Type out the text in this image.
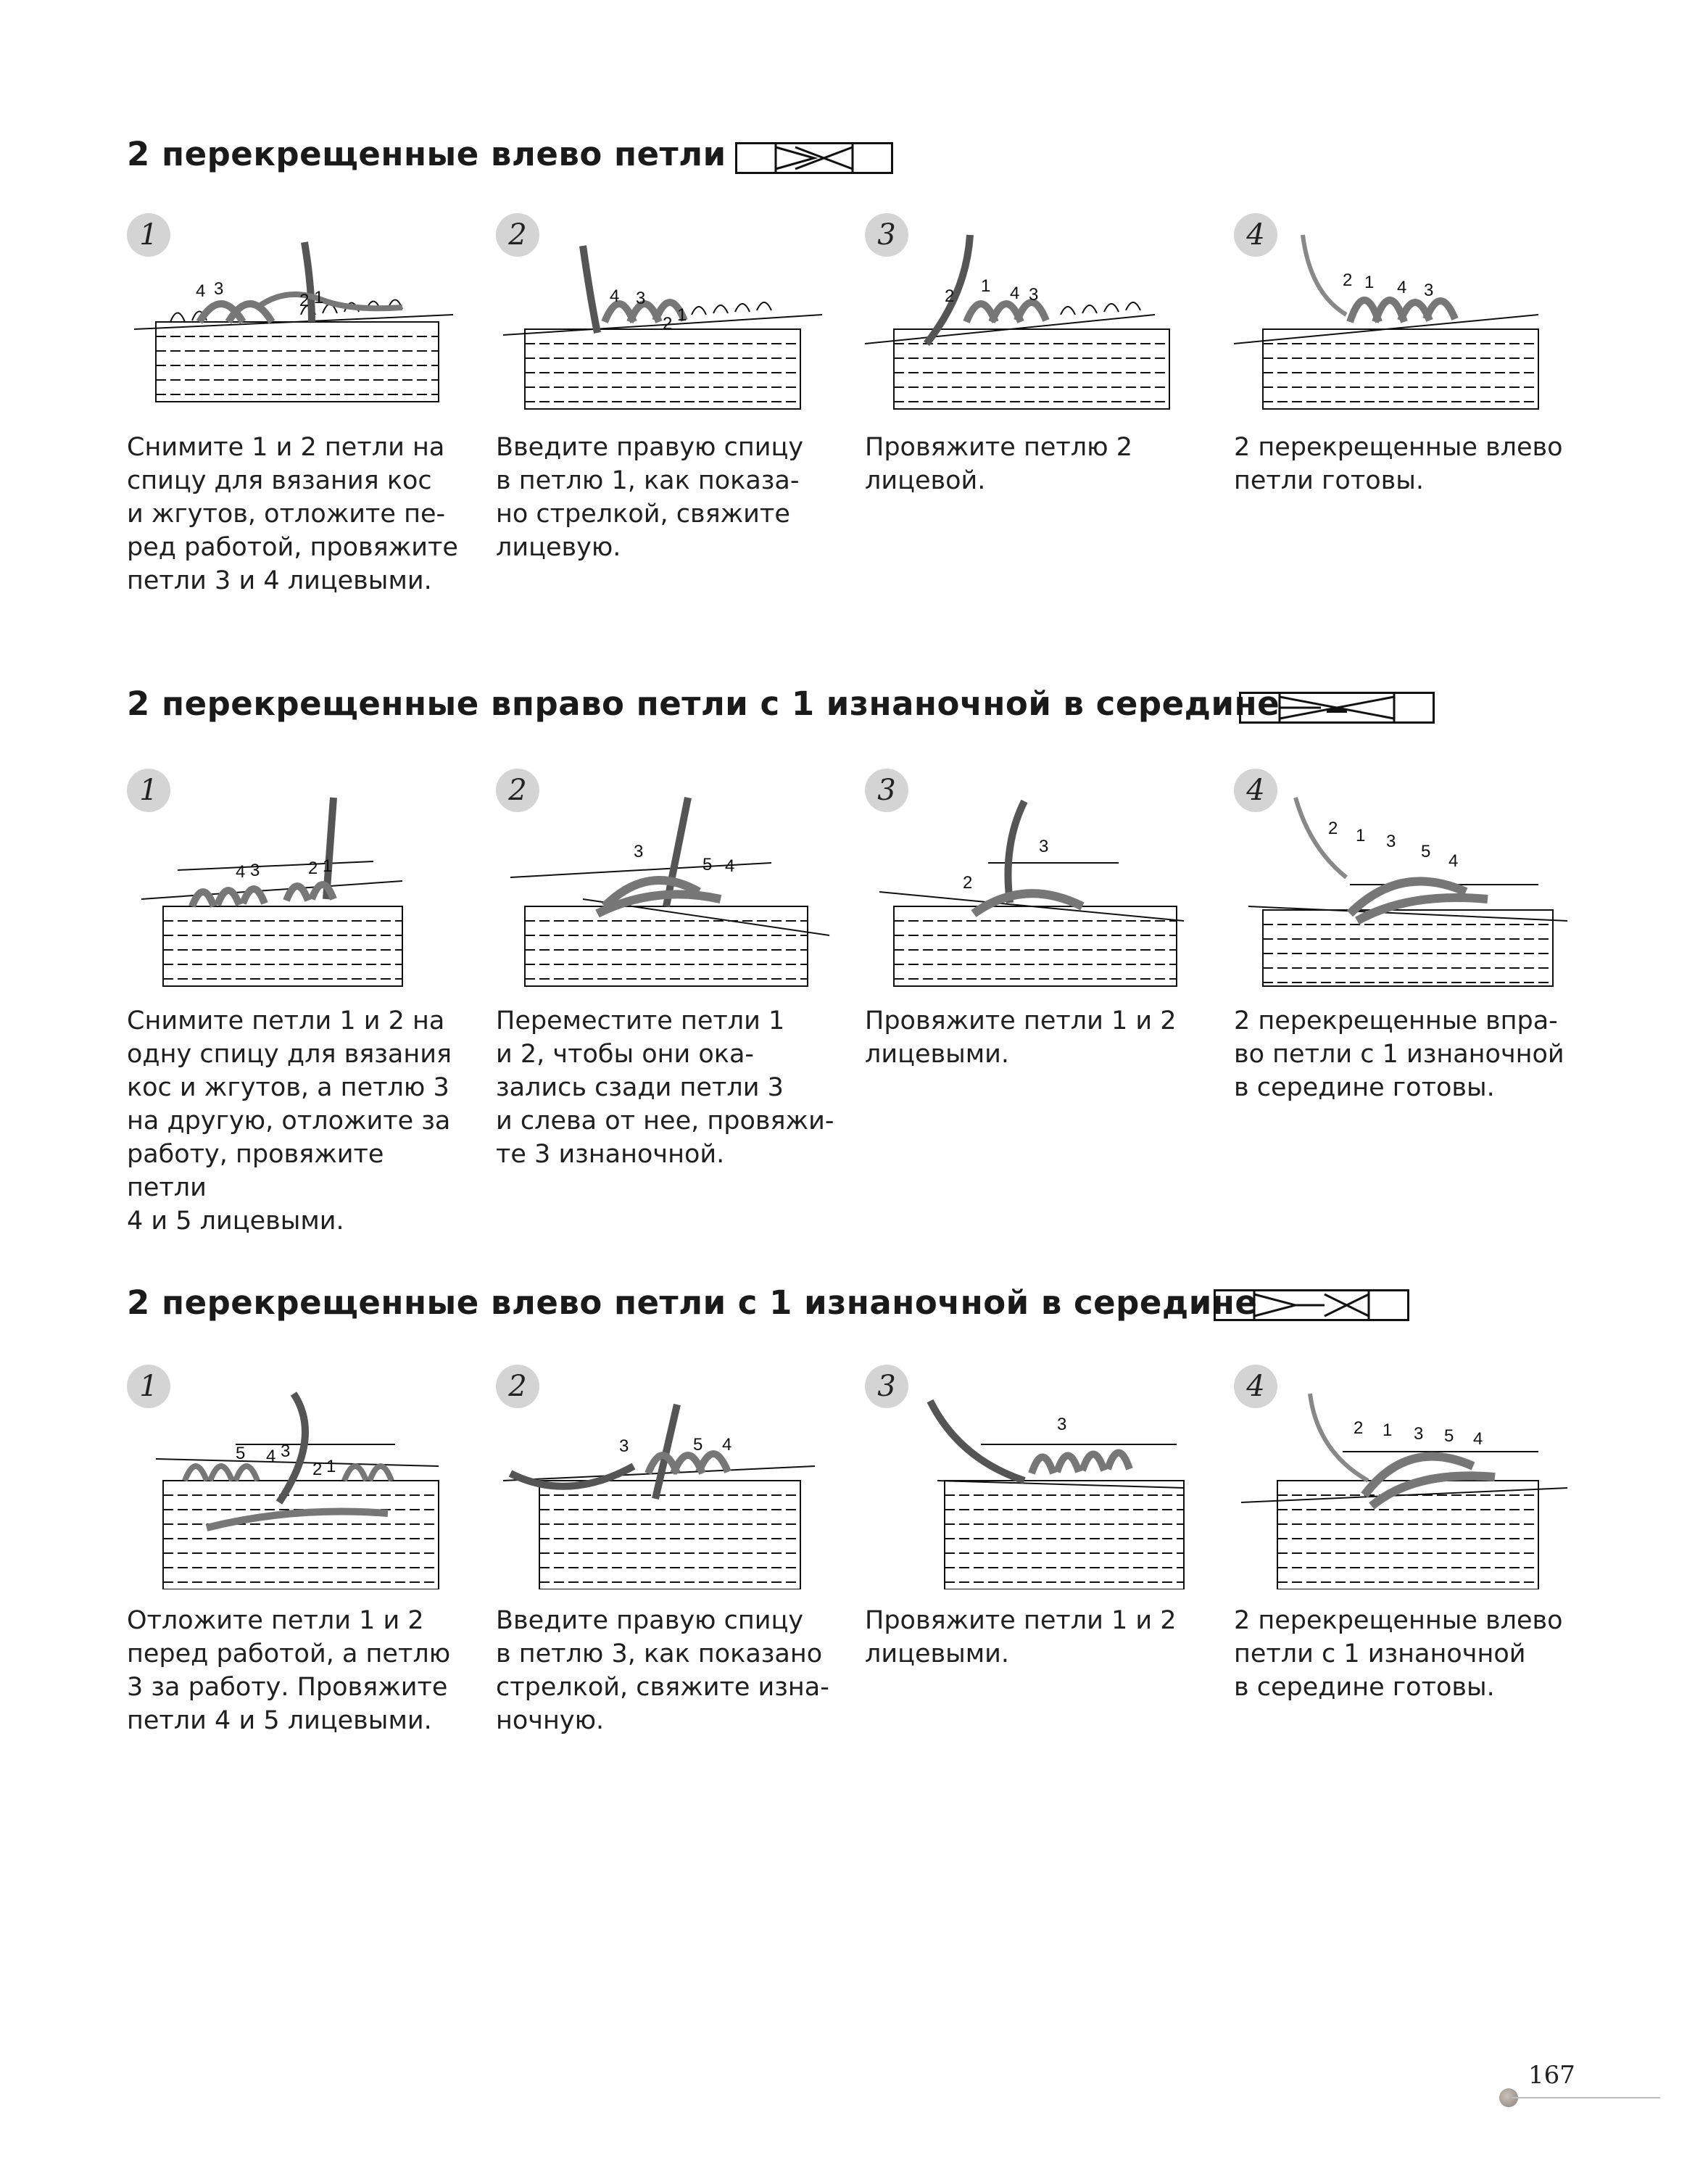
2 перекрещенные влево петли
1
4 3
2 1
Снимите 1 и 2 петли на
спицу для вязания кос
и жгутов, отложите пе-
ред работой, провяжите
петли 3 и 4 лицевыми.
2
4 3
2 1
Введите правую спицу
в петлю 1, как показа-
но стрелкой, свяжите
лицевую.
3
2
1 4 3
Провяжите петлю 2
лицевой.
4
2 1 4 3
2 перекрещенные влево
петли готовы.
2 перекрещенные вправо петли с 1 изнаночной в середине
1
4 3	2 1
Снимите петли 1 и 2 на
одну спицу для вязания
кос и жгутов, а петлю 3
на другую, отложите за
работу, провяжите петли
4 и 5 лицевыми.
2
3
5 4
Переместите петли 1
и 2, чтобы они ока-
зались сзади петли 3
и слева от нее, провяжи-
те 3 изнаночной.
3
2
3
Провяжите петли 1 и 2
лицевыми.
4
2 1 3
5 4
2 перекрещенные впра-
во петли с 1 изнаночной
в середине готовы.
2 перекрещенные влево петли с 1 изнаночной в середине
1
5 4 3
2 1
Отложите петли 1 и 2
перед работой, а петлю
3 за работу. Провяжите
петли 4 и 5 лицевыми.
2
3	5 4
Введите правую спицу
в петлю 3, как показано
стрелкой, свяжите изна-
ночную.
3
3
Провяжите петли 1 и 2
лицевыми.
4
2 1 3 5 4
2 перекрещенные влево
петли с 1 изнаночной
в середине готовы.
167
